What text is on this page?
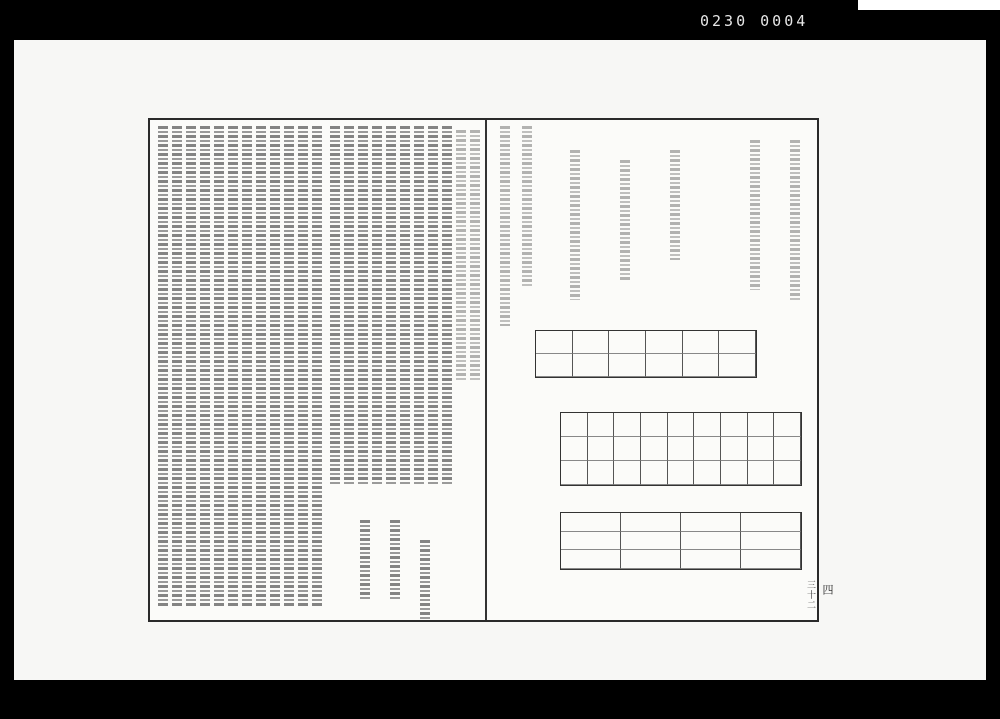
0230 0004
四
三十二
